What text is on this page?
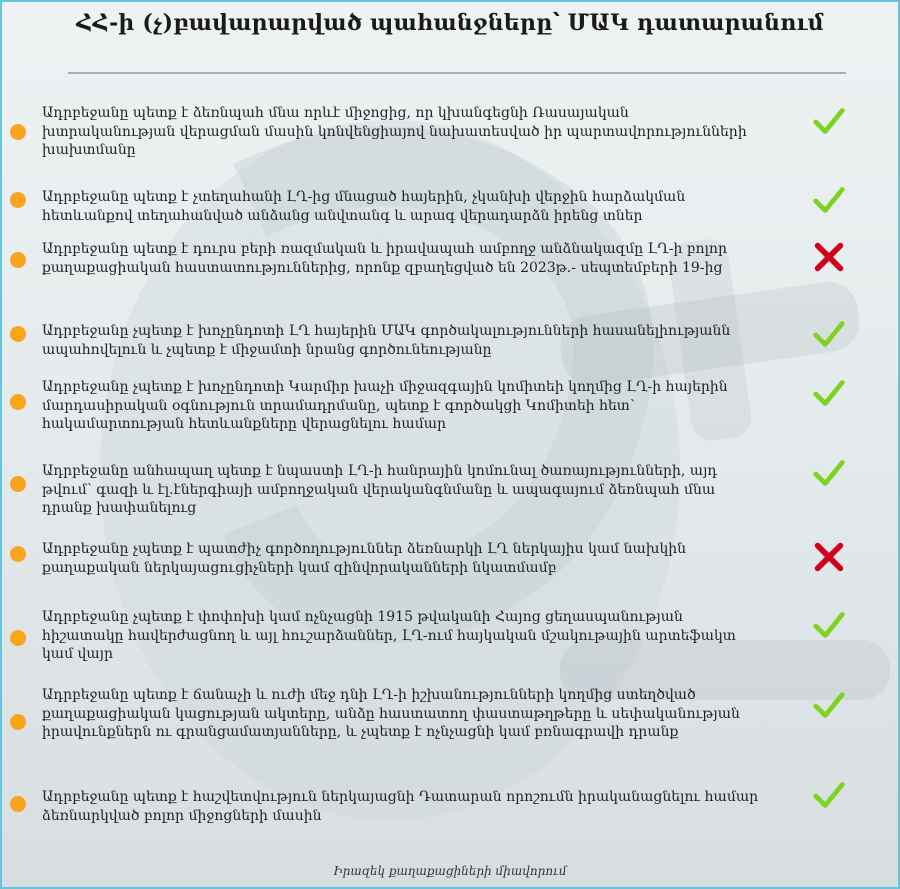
ՀՀ-ի (չ)բավարարված պահանջները՝ ՄԱԿ դատարանում
Ադրբեջանը պետք է ձեռնպահ մնա որևէ միջոցից, որ կխանգեցնի Ռասայական խտրականության վերացման մասին կոնվենցիայով նախատեսված իր պարտավորությունների խախտմանը
Ադրբեջանը պետք է չտեղահանի ԼՂ-ից մնացած հայերին, չկանխի վերջին հարձակման հետևանքով տեղահանված անձանց անվտանգ և արագ վերադարձն իրենց տներ
Ադրբեջանը պետք է դուրս բերի ռազմական և իրավապահ ամբողջ անձնակազմը ԼՂ-ի բոլոր քաղաքացիական հաստատություններից, որոնք զբաղեցված են 2023թ.- սեպտեմբերի 19-ից
Ադրբեջանը չպետք է խոչընդոտի ԼՂ հայերին ՄԱԿ գործակալությունների հասանելիությանն ապահովելուն և չպետք է միջամտի նրանց գործունեությանը
Ադրբեջանը չպետք է խոչընդոտի Կարմիր խաչի միջազգային կոմիտեի կողմից ԼՂ-ի հայերին մարդասիրական օգնություն տրամադրմանը, պետք է գործակցի Կոմիտեի հետ՝ հակամարտության հետևանքները վերացնելու համար
Ադրբեջանը անհապաղ պետք է նպաստի ԼՂ-ի հանրային կոմունալ ծառայությունների, այդ թվում՝ գազի և էլ.էներգիայի ամբողջական վերականգնմանը և ապագայում ձեռնպահ մնա դրանք խափանելուց
Ադրբեջանը չպետք է պատժիչ գործողություններ ձեռնարկի ԼՂ ներկայիս կամ նախկին քաղաքական ներկայացուցիչների կամ զինվորականների նկատմամբ
Ադրբեջանը չպետք է փոփոխի կամ ոչնչացնի 1915 թվականի Հայոց ցեղասպանության հիշատակը հավերժացնող և այլ հուշարձաններ, ԼՂ-ում հայկական մշակութային արտեֆակտ կամ վայր
Ադրբեջանը պետք է ճանաչի և ուժի մեջ դնի ԼՂ-ի իշխանությունների կողմից ստեղծված քաղաքացիական կացության ակտերը, անձը հաստատող փաստաթղթերը և սեփականության իրավունքներն ու գրանցամատյանները, և չպետք է ոչնչացնի կամ բռնագրավի դրանք
Ադրբեջանը պետք է հաշվետվություն ներկայացնի Դատարան որոշումն իրականացնելու համար ձեռնարկված բոլոր միջոցների մասին
Իրազեկ քաղաքացիների միավորում
